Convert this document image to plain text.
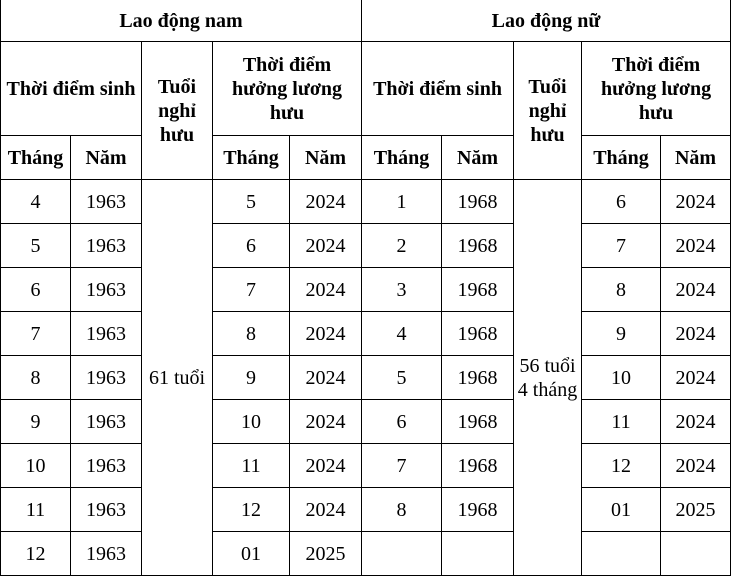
Lao động nam					Lao động nữ				
Thời điểm sinh		Tuổi nghỉ hưu	Thời điểm hưởng lương hưu		Thời điểm sinh		Tuổi nghỉ hưu	Thời điểm hưởng lương hưu	
Tháng	Năm		Tháng	Năm	Tháng	Năm		Tháng	Năm
4	1963	61 tuổi	5	2024	1	1968	56 tuổi 4 tháng	6	2024
5	1963		6	2024	2	1968		7	2024
6	1963		7	2024	3	1968		8	2024
7	1963		8	2024	4	1968		9	2024
8	1963		9	2024	5	1968		10	2024
9	1963		10	2024	6	1968		11	2024
10	1963		11	2024	7	1968		12	2024
11	1963		12	2024	8	1968		01	2025
12	1963		01	2025					
